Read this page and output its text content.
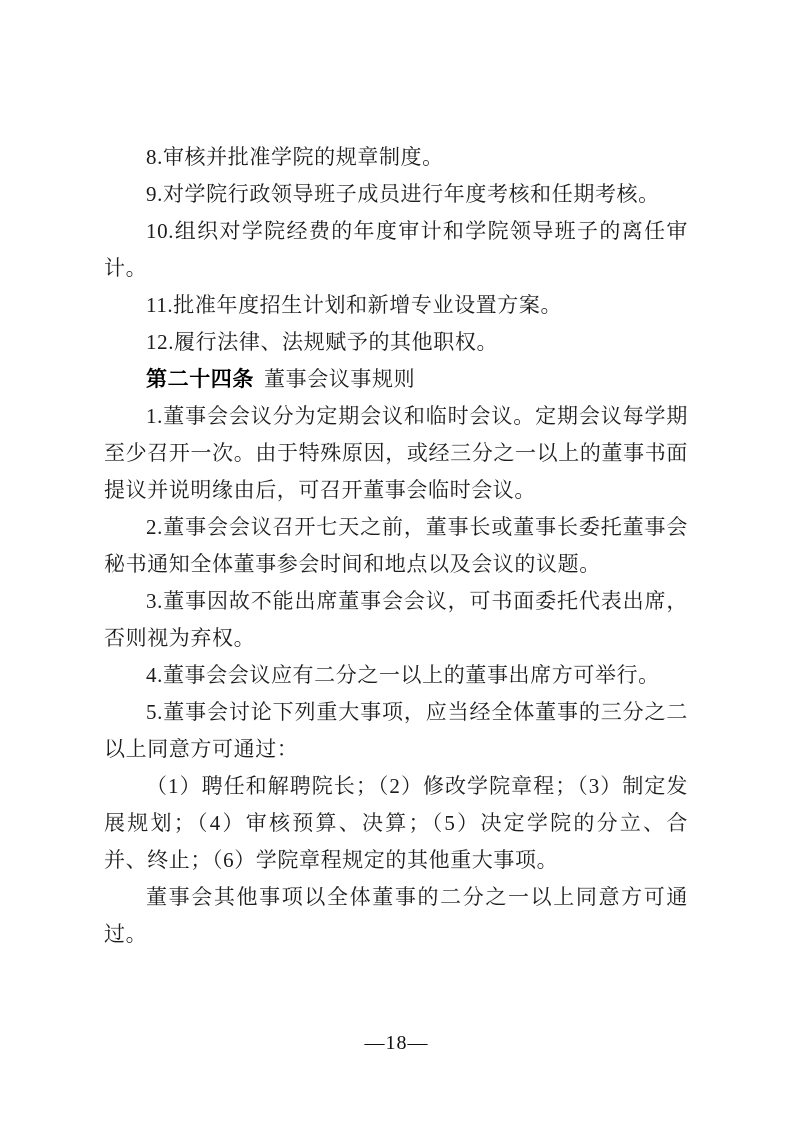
8.审核并批准学院的规章制度。

9.对学院行政领导班子成员进行年度考核和任期考核。

10.组织对学院经费的年度审计和学院领导班子的离任审计。

11.批准年度招生计划和新增专业设置方案。

12.履行法律、法规赋予的其他职权。

第二十四条 董事会议事规则

1.董事会会议分为定期会议和临时会议。定期会议每学期至少召开一次。由于特殊原因，或经三分之一以上的董事书面提议并说明缘由后，可召开董事会临时会议。

2.董事会会议召开七天之前，董事长或董事长委托董事会秘书通知全体董事参会时间和地点以及会议的议题。

3.董事因故不能出席董事会会议，可书面委托代表出席，否则视为弃权。

4.董事会会议应有二分之一以上的董事出席方可举行。

5.董事会讨论下列重大事项，应当经全体董事的三分之二以上同意方可通过：

（1）聘任和解聘院长；（2）修改学院章程；（3）制定发展规划；（4）审核预算、决算；（5）决定学院的分立、合并、终止；（6）学院章程规定的其他重大事项。

董事会其他事项以全体董事的二分之一以上同意方可通过。

—18—
